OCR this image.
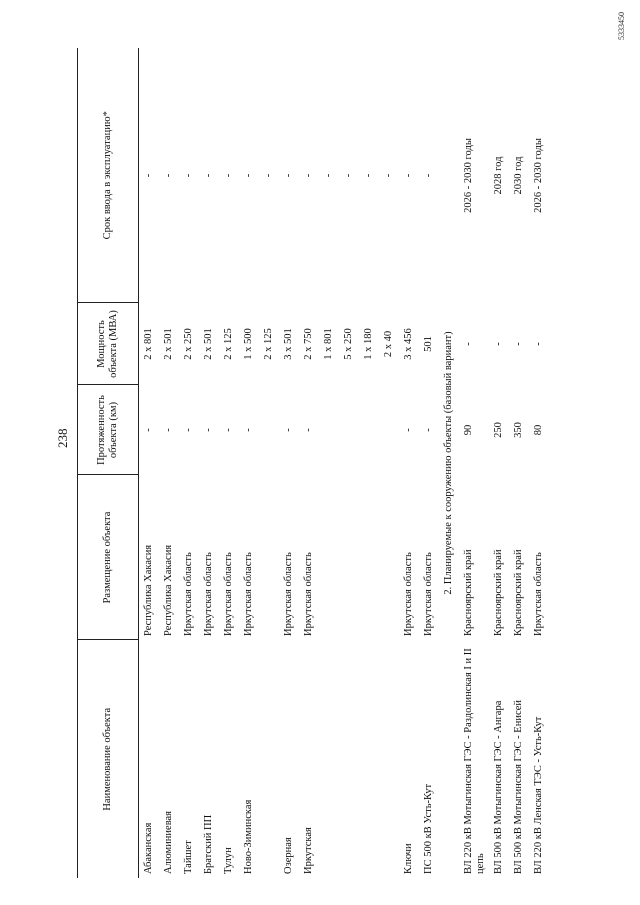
238
Наименование объекта	Размещение объекта	Протяженность объекта (км)	Мощность объекта (МВА)	Срок ввода в эксплуатацию*
Абаканская	Республика Хакасия	-	2 х 801	-
Алюминиевая	Республика Хакасия	-	2 х 501	-
Тайшет	Иркутская область	-	2 х 250	-
Братский ПП	Иркутская область	-	2 х 501	-
Тулун	Иркутская область	-	2 х 125	-
Ново-Зиминская	Иркутская область	-	1 х 500	-
			2 х 125	-
Озерная	Иркутская область	-	3 х 501	-
Иркутская	Иркутская область	-	2 х 750	-
			1 х 801	-
			5 х 250	-
			1 х 180	-
			2 х 40	-
Ключи	Иркутская область	-	3 х 456	-
ПС 500 кВ Усть-Кут	Иркутская область	-	501	-
2. Планируемые к сооружению объекты (базовый вариант)				
ВЛ 220 кВ Мотыгинская ГЭС - Раздолинская I и II цепь	Красноярский край	90	-	2026 - 2030 годы
ВЛ 500 кВ Мотыгинская ГЭС - Ангара	Красноярский край	250	-	2028 год
ВЛ 500 кВ Мотыгинская ГЭС - Енисей	Красноярский край	350	-	2030 год
ВЛ 220 кВ Ленская ТЭС - Усть-Кут	Иркутская область	80	-	2026 - 2030 годы
5333450
